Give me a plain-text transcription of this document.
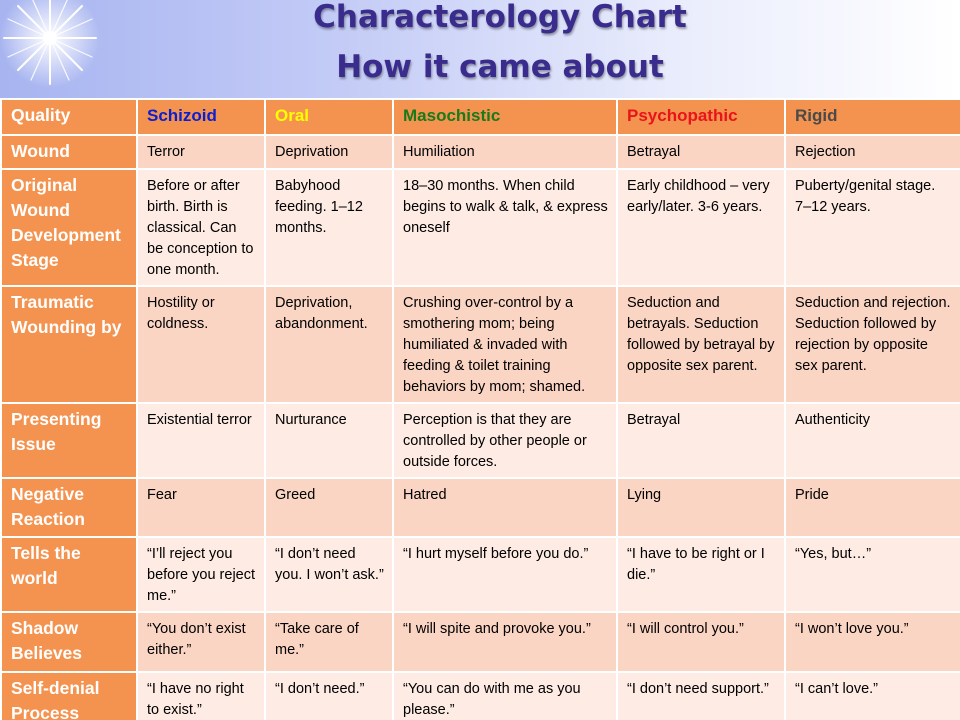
Characterology Chart
How it came about
Quality	Schizoid	Oral	Masochistic	Psychopathic	Rigid
Wound	Terror	Deprivation	Humiliation	Betrayal	Rejection
Original Wound Development Stage	Before or after birth. Birth is classical. Can be conception to one month.	Babyhood feeding. 1–12 months.	18–30 months. When child begins to walk & talk, & express oneself	Early childhood – very early/later. 3-6 years.	Puberty/genital stage. 7–12 years.
Traumatic Wounding by	Hostility or coldness.	Deprivation, abandonment.	Crushing over-control by a smothering mom; being humiliated & invaded with feeding & toilet training behaviors by mom; shamed.	Seduction and betrayals. Seduction followed by betrayal by opposite sex parent.	Seduction and rejection. Seduction followed by rejection by opposite sex parent.
Presenting Issue	Existential terror	Nurturance	Perception is that they are controlled by other people or outside forces.	Betrayal	Authenticity
Negative Reaction	Fear	Greed	Hatred	Lying	Pride
Tells the world	“I’ll reject you before you reject me.”	“I don’t need you. I won’t ask.”	“I hurt myself before you do.”	“I have to be right or I die.”	“Yes, but…”
Shadow Believes	“You don’t exist either.”	“Take care of me.”	“I will spite and provoke you.”	“I will control you.”	“I won’t love you.”
Self-denial Process	“I have no right to exist.”	“I don’t need.”	“You can do with me as you please.”	“I don’t need support.”	“I can’t love.”
